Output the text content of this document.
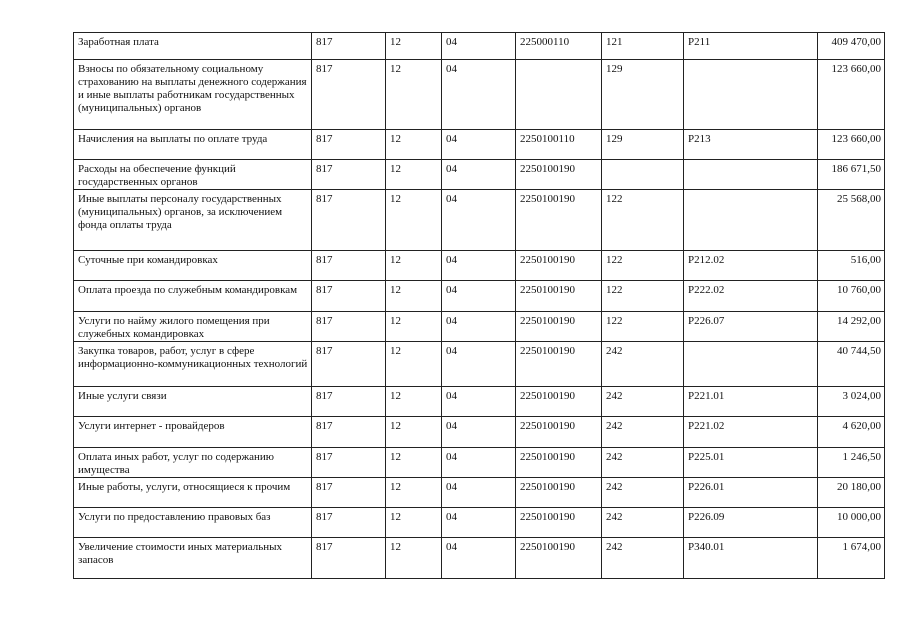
Заработная плата	817	12	04	225000110	121	Р211	409 470,00
Взносы по обязательному социальному страхованию на выплаты денежного содержания и иные выплаты работникам государственных (муниципальных) органов	817	12	04		129		123 660,00
Начисления на выплаты по оплате труда	817	12	04	2250100110	129	Р213	123 660,00
Расходы на обеспечение функций государственных органов	817	12	04	2250100190			186 671,50
Иные выплаты персоналу государственных (муниципальных) органов, за исключением фонда оплаты труда	817	12	04	2250100190	122		25 568,00
Суточные при командировках	817	12	04	2250100190	122	Р212.02	516,00
Оплата проезда по служебным командировкам	817	12	04	2250100190	122	Р222.02	10 760,00
Услуги по найму жилого помещения при служебных командировках	817	12	04	2250100190	122	Р226.07	14 292,00
Закупка товаров, работ, услуг в сфере информационно-коммуникационных технологий	817	12	04	2250100190	242		40 744,50
Иные услуги связи	817	12	04	2250100190	242	Р221.01	3 024,00
Услуги интернет - провайдеров	817	12	04	2250100190	242	Р221.02	4 620,00
Оплата иных работ, услуг по содержанию имущества	817	12	04	2250100190	242	Р225.01	1 246,50
Иные работы, услуги, относящиеся к прочим	817	12	04	2250100190	242	Р226.01	20 180,00
Услуги по предоставлению правовых баз	817	12	04	2250100190	242	Р226.09	10 000,00
Увеличение стоимости иных материальных запасов	817	12	04	2250100190	242	Р340.01	1 674,00
